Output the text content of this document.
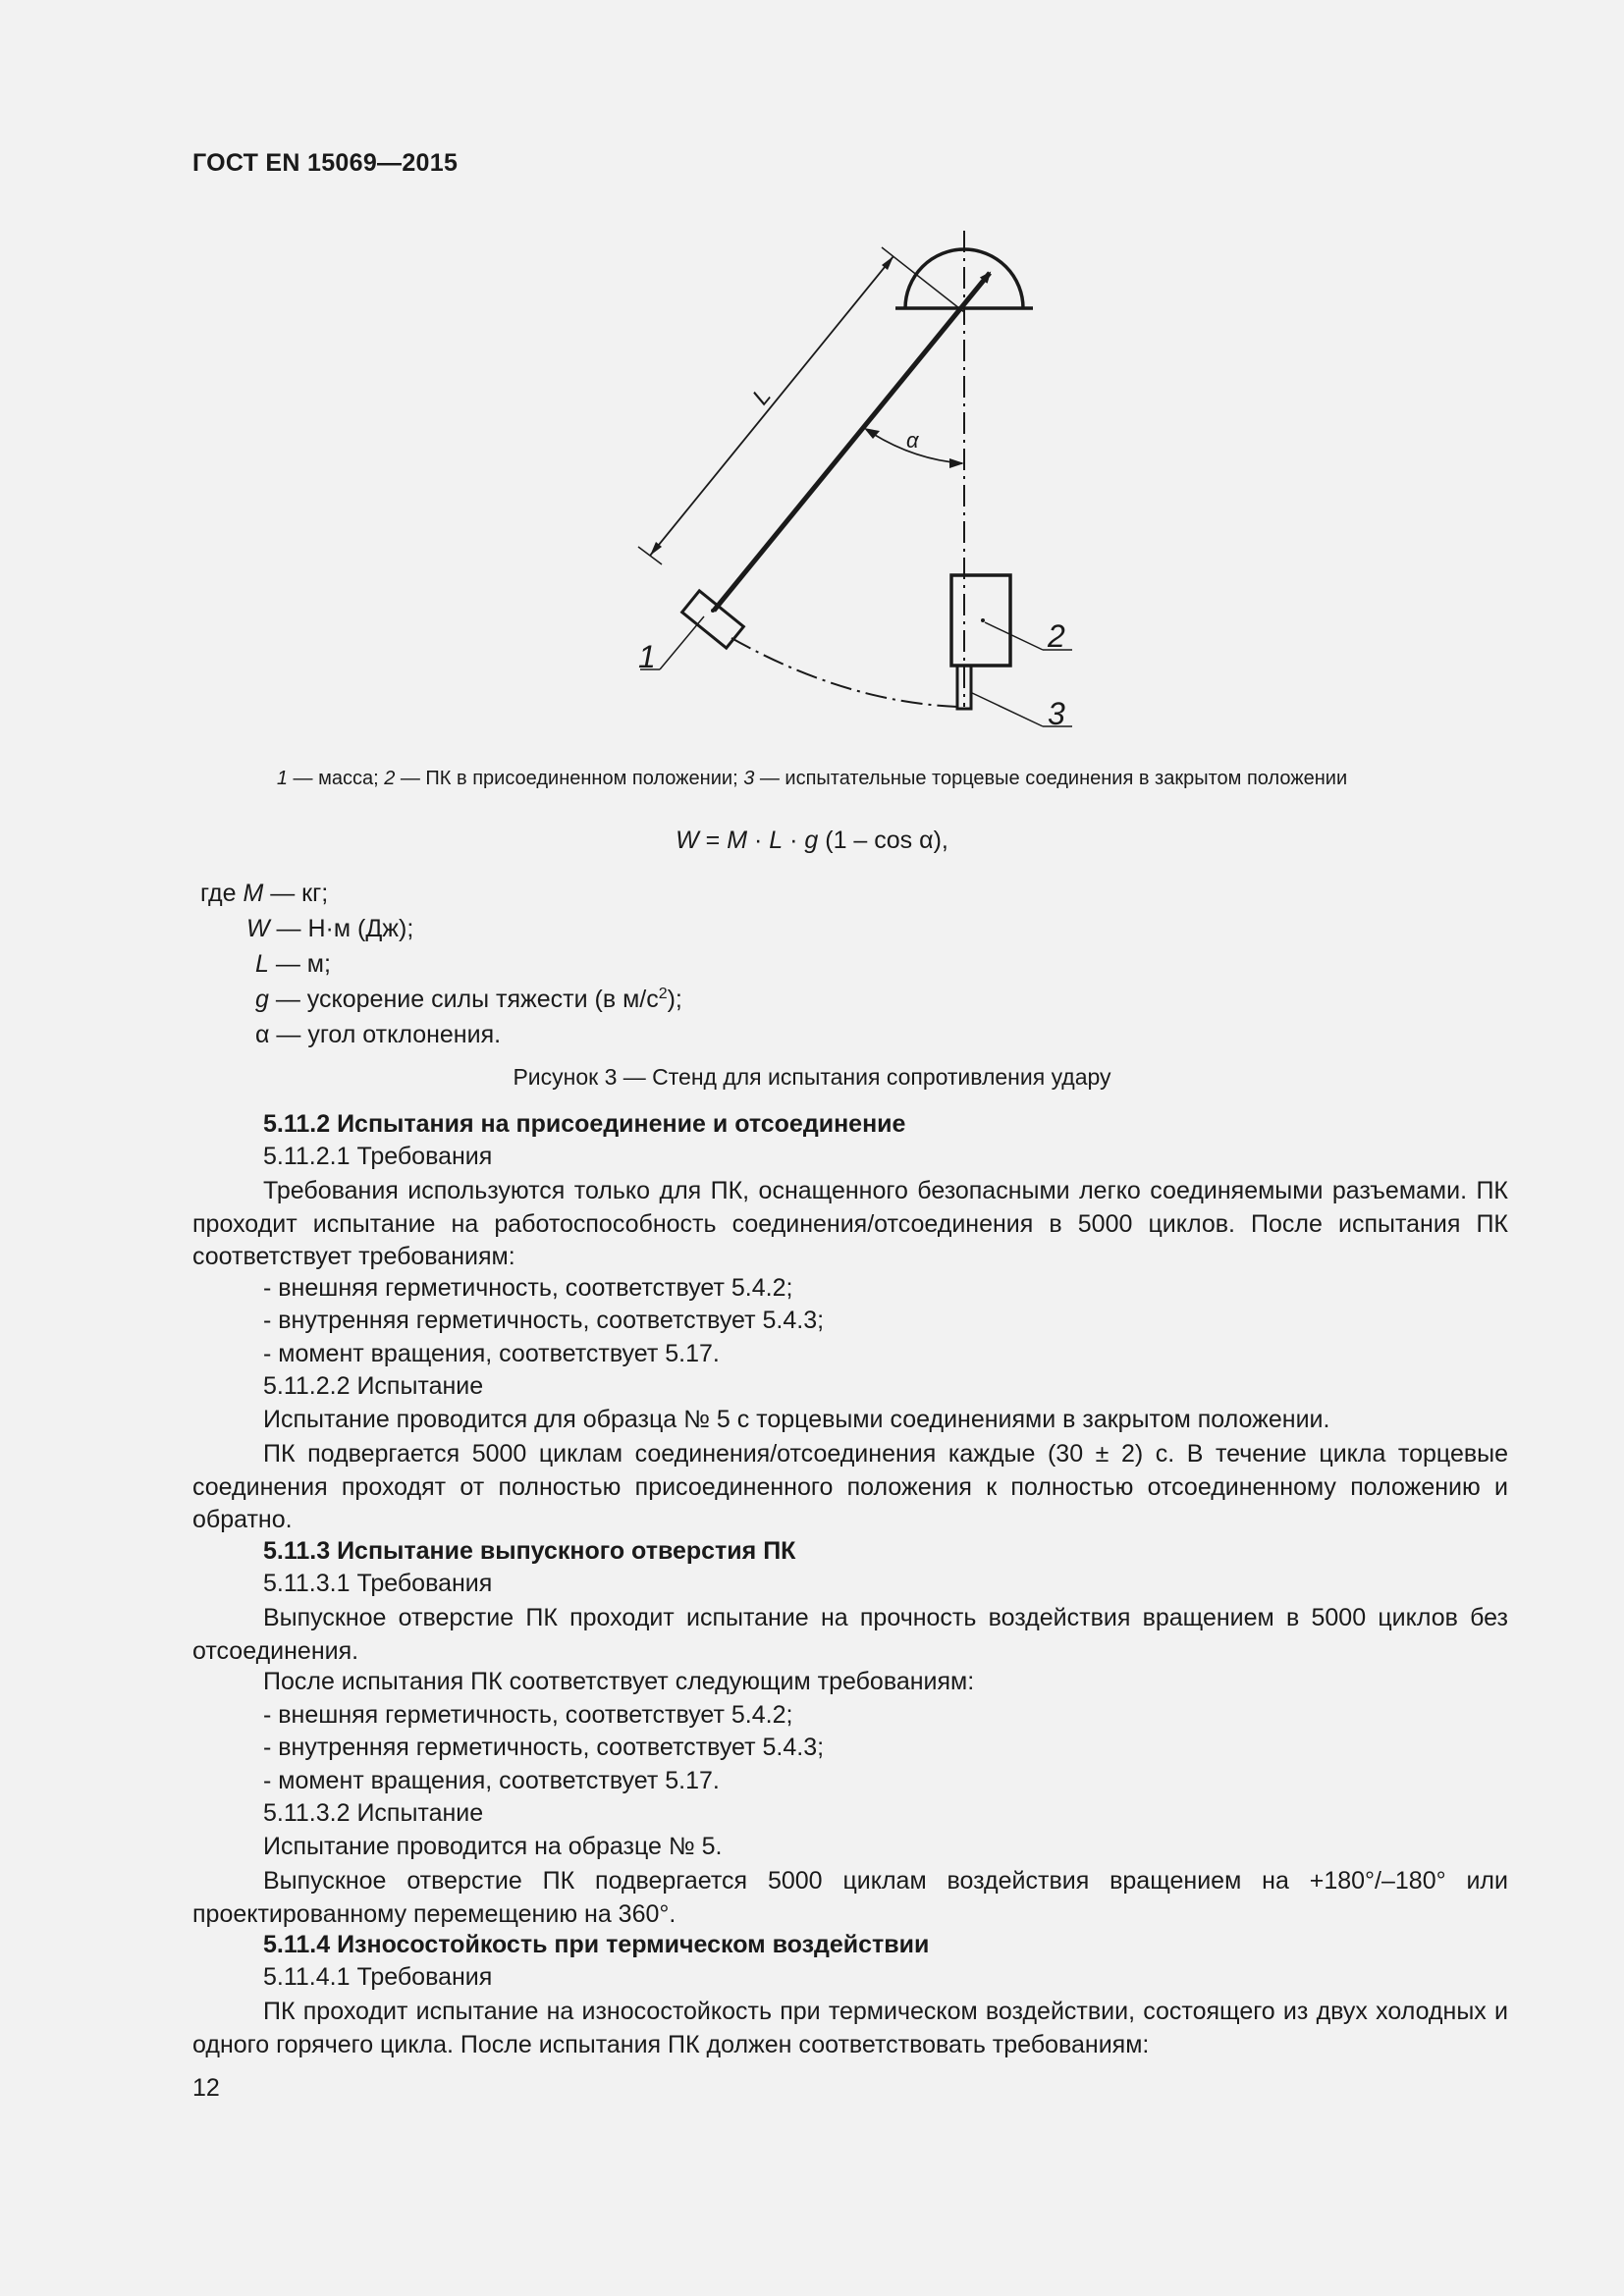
ГОСТ EN 15069—2015
L
α
1
2
3
1 — масса; 2 — ПК в присоединенном положении; 3 — испытательные торцевые соединения в закрытом положении
W = M · L · g (1 – cos α),
где M — кг;
W — Н·м (Дж);
L — м;
g — ускорение силы тяжести (в $м/с^2$);
α — угол отклонения.
Рисунок 3 — Стенд для испытания сопротивления удару
5.11.2 Испытания на присоединение и отсоединение
5.11.2.1 Требования
Требования используются только для ПК, оснащенного безопасными легко соединяемыми разъемами. ПК проходит испытание на работоспособность соединения/отсоединения в 5000 циклов. После испытания ПК соответствует требованиям:
- внешняя герметичность, соответствует 5.4.2;
- внутренняя герметичность, соответствует 5.4.3;
- момент вращения, соответствует 5.17.
5.11.2.2 Испытание
Испытание проводится для образца № 5 с торцевыми соединениями в закрытом положении.
ПК подвергается 5000 циклам соединения/отсоединения каждые (30 ± 2) с. В течение цикла торцевые соединения проходят от полностью присоединенного положения к полностью отсоединенному положению и обратно.
5.11.3 Испытание выпускного отверстия ПК
5.11.3.1 Требования
Выпускное отверстие ПК проходит испытание на прочность воздействия вращением в 5000 циклов без отсоединения.
После испытания ПК соответствует следующим требованиям:
- внешняя герметичность, соответствует 5.4.2;
- внутренняя герметичность, соответствует 5.4.3;
- момент вращения, соответствует 5.17.
5.11.3.2 Испытание
Испытание проводится на образце № 5.
Выпускное отверстие ПК подвергается 5000 циклам воздействия вращением на +180°/–180° или проектированному перемещению на 360°.
5.11.4 Износостойкость при термическом воздействии
5.11.4.1 Требования
ПК проходит испытание на износостойкость при термическом воздействии, состоящего из двух холодных и одного горячего цикла. После испытания ПК должен соответствовать требованиям:
12
